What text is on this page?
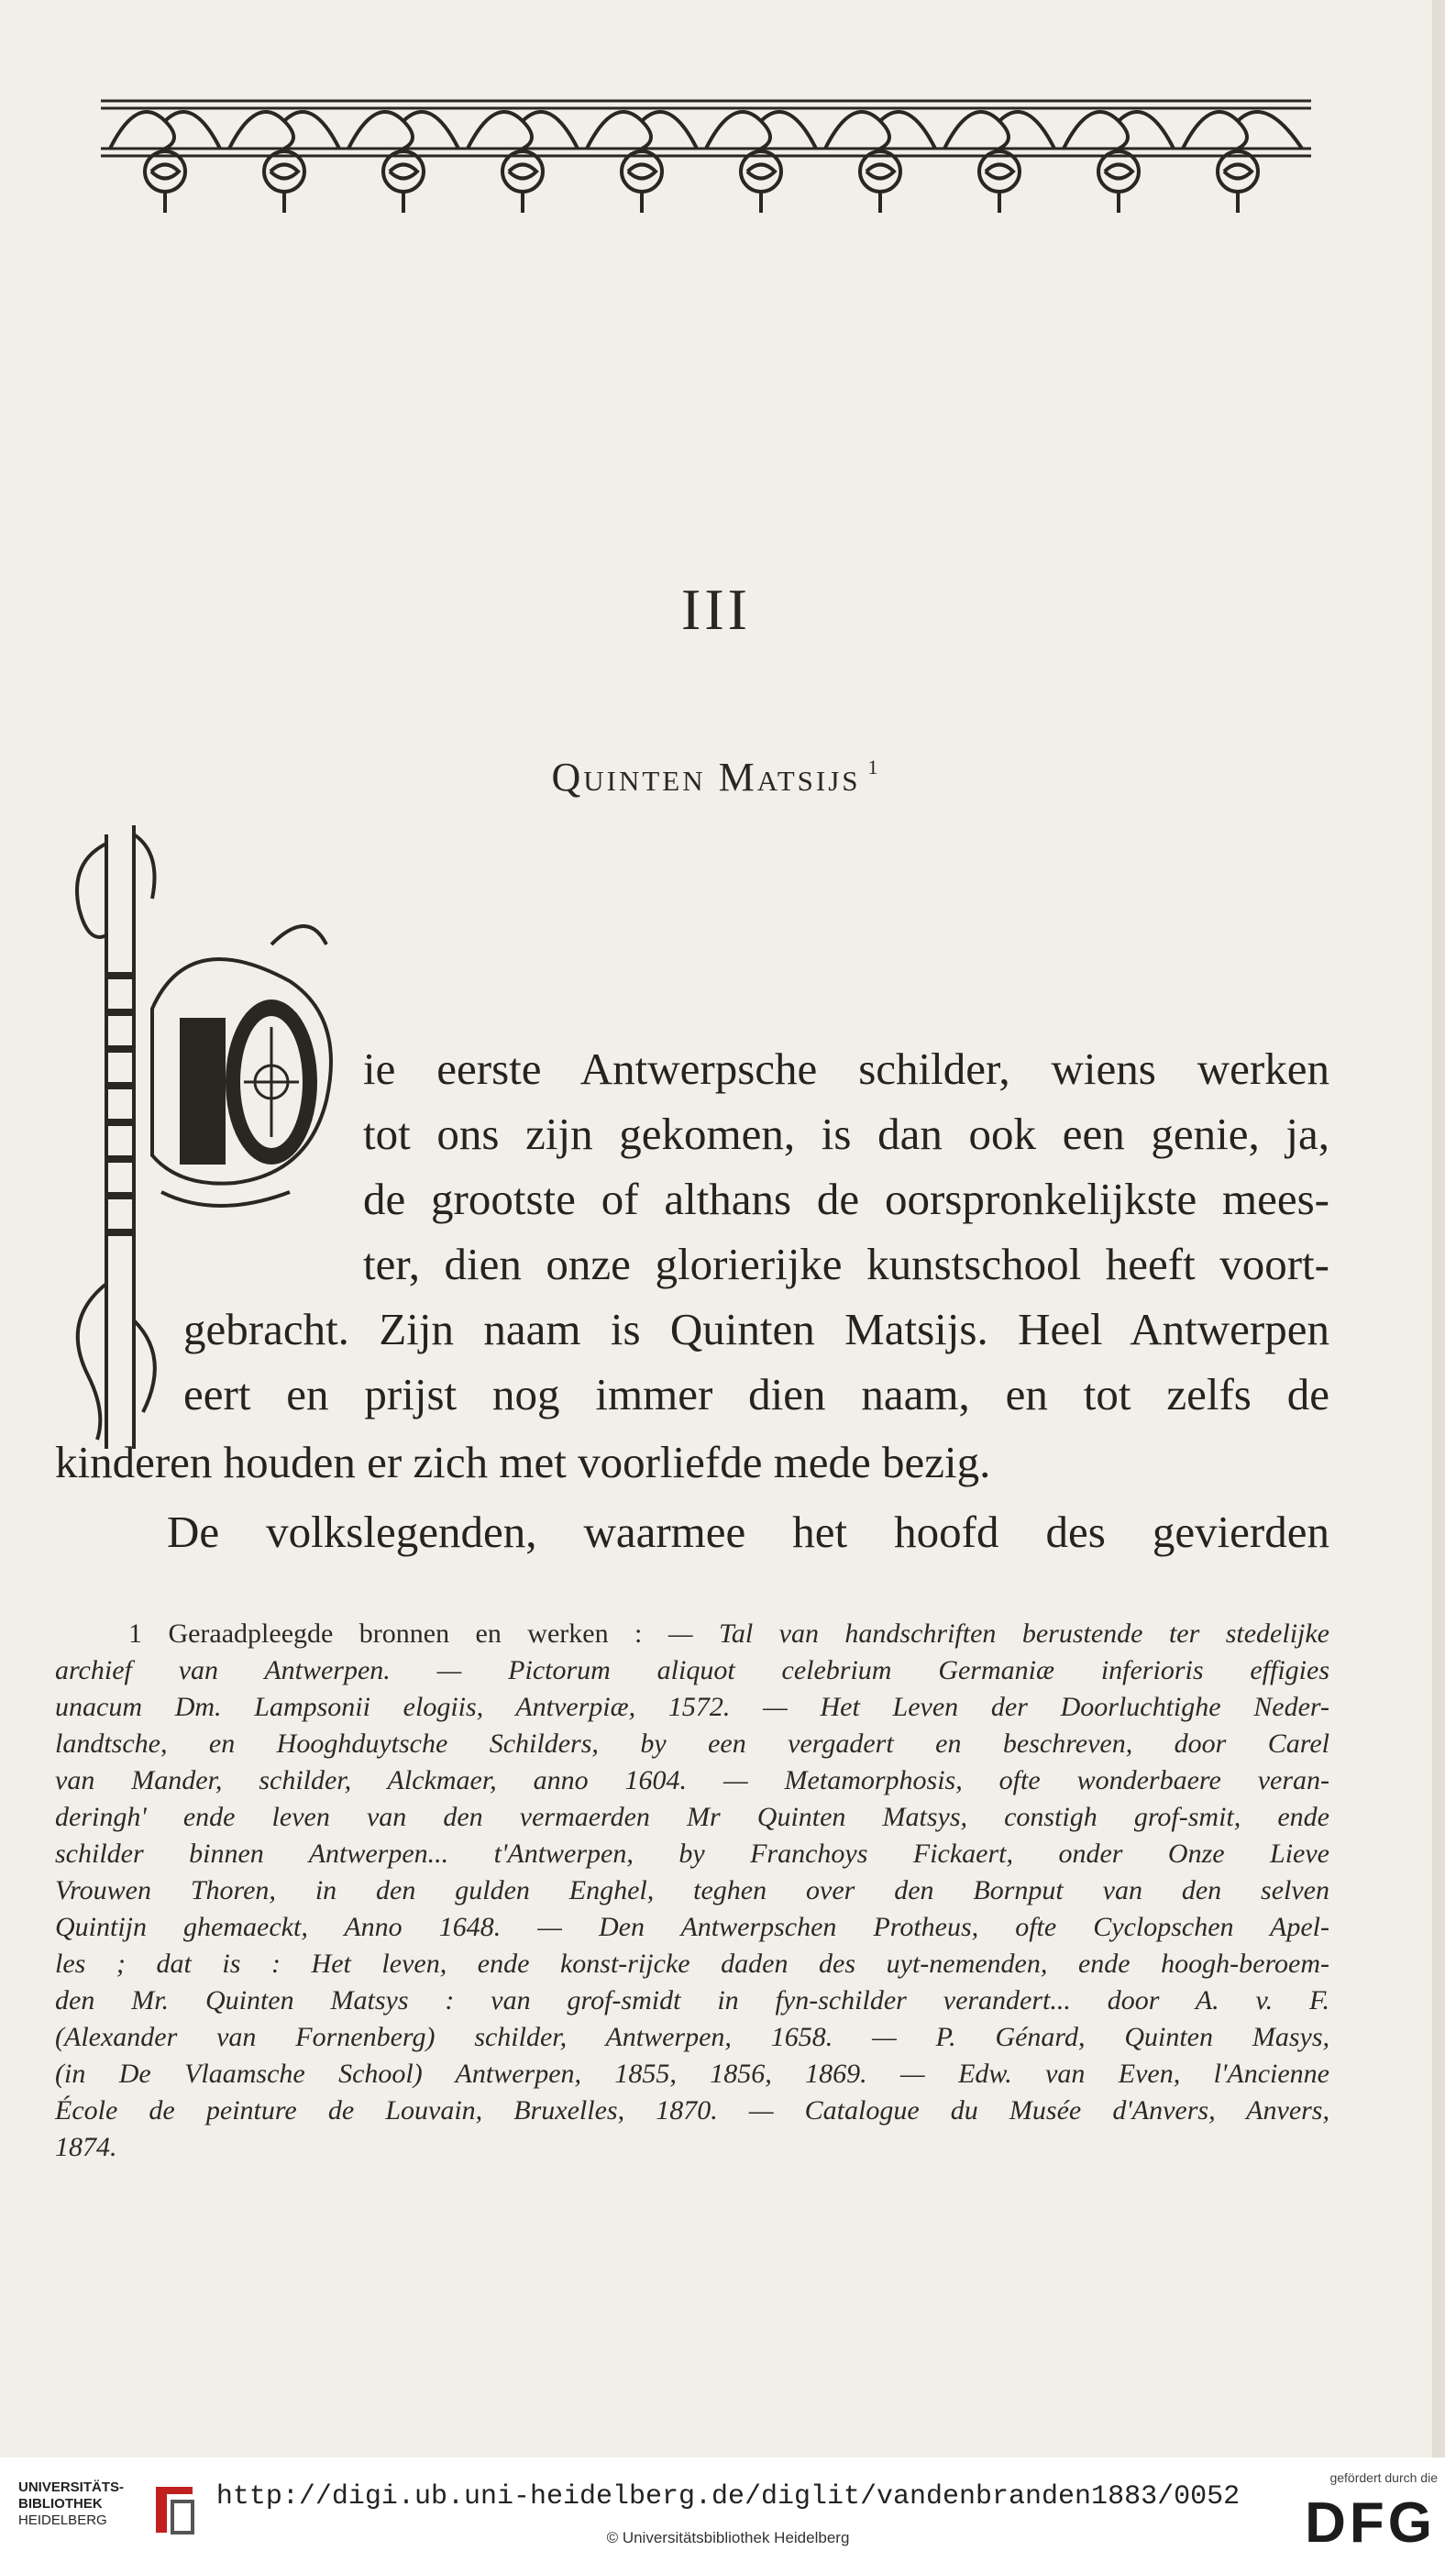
III
Quinten Matsijs $^1$
ie eerste Antwerpsche schilder, wiens werken
tot ons zijn gekomen, is dan ook een genie, ja,
de grootste of althans de oorspronkelijkste mees-
ter, dien onze glorierijke kunstschool heeft voort-
gebracht. Zijn naam is Quinten Matsijs. Heel Antwerpen
eert en prijst nog immer dien naam, en tot zelfs de
kinderen houden er zich met voorliefde mede bezig.
De volkslegenden, waarmee het hoofd des gevierden
1 Geraadpleegde bronnen en werken : — Tal van handschriften berustende ter stedelijke
archief van Antwerpen. — Pictorum aliquot celebrium Germaniæ inferioris effigies
unacum Dm. Lampsonii elogiis, Antverpiæ, 1572. — Het Leven der Doorluchtighe Neder-
landtsche, en Hooghduytsche Schilders, by een vergadert en beschreven, door Carel
van Mander, schilder, Alckmaer, anno 1604. — Metamorphosis, ofte wonderbaere veran-
deringh' ende leven van den vermaerden Mr Quinten Matsys, constigh grof-smit, ende
schilder binnen Antwerpen... t'Antwerpen, by Franchoys Fickaert, onder Onze Lieve
Vrouwen Thoren, in den gulden Enghel, teghen over den Bornput van den selven
Quintijn ghemaeckt, Anno 1648. — Den Antwerpschen Protheus, ofte Cyclopschen Apel-
les ; dat is : Het leven, ende konst-rijcke daden des uyt-nemenden, ende hoogh-beroem-
den Mr. Quinten Matsys : van grof-smidt in fyn-schilder verandert... door A. v. F.
(Alexander van Fornenberg) schilder, Antwerpen, 1658. — P. Génard, Quinten Masys,
(in De Vlaamsche School) Antwerpen, 1855, 1856, 1869. — Edw. van Even, l'Ancienne
École de peinture de Louvain, Bruxelles, 1870. — Catalogue du Musée d'Anvers, Anvers,
1874.
UNIVERSITÄTS-
BIBLIOTHEK
HEIDELBERG
http://digi.ub.uni-heidelberg.de/diglit/vandenbranden1883/0052
© Universitätsbibliothek Heidelberg
gefördert durch die
DFG
